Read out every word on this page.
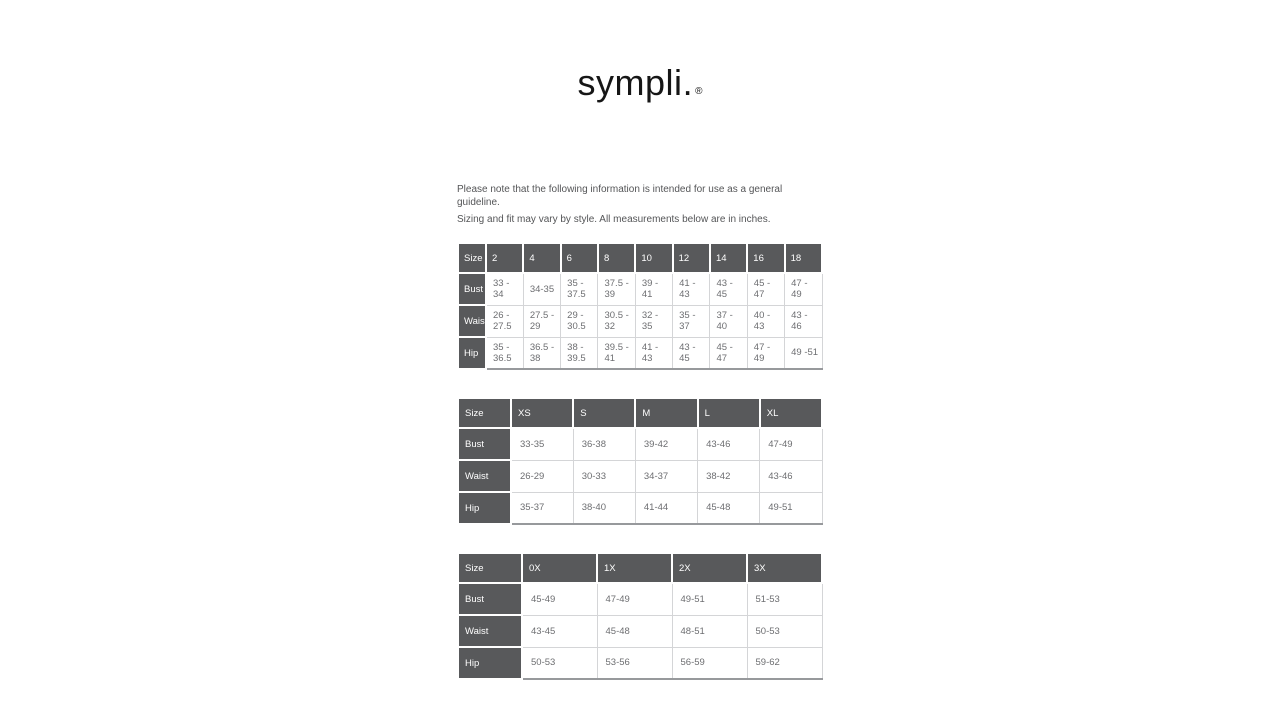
sympli. ®

Please note that the following information is intended for use as a general guideline.

Sizing and fit may vary by style. All measurements below are in inches.

Size	2	4	6	8	10	12	14	16	18
Bust	33 - 34	34-35	35 - 37.5	37.5 - 39	39 - 41	41 - 43	43 - 45	45 - 47	47 - 49
Waist	26 - 27.5	27.5 - 29	29 - 30.5	30.5 - 32	32 - 35	35 - 37	37 - 40	40 - 43	43 - 46
Hip	35 - 36.5	36.5 - 38	38 - 39.5	39.5 - 41	41 - 43	43 - 45	45 - 47	47 - 49	49 -51
Size	XS	S	M	L	XL
Bust	33-35	36-38	39-42	43-46	47-49
Waist	26-29	30-33	34-37	38-42	43-46
Hip	35-37	38-40	41-44	45-48	49-51
Size	0X	1X	2X	3X
Bust	45-49	47-49	49-51	51-53
Waist	43-45	45-48	48-51	50-53
Hip	50-53	53-56	56-59	59-62
